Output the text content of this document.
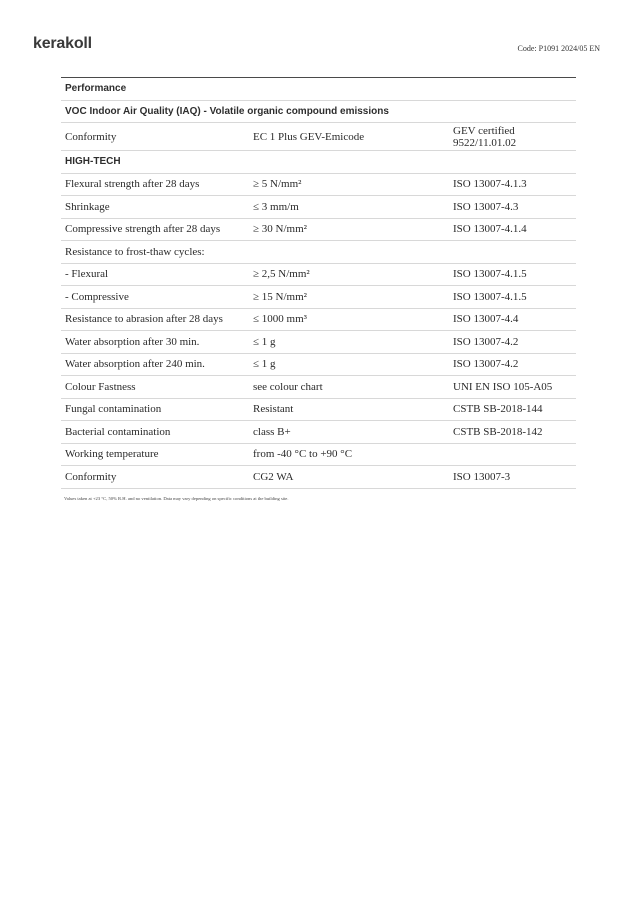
kerakoll	Code: P1091 2024/05 EN
Performance
VOC Indoor Air Quality (IAQ) - Volatile organic compound emissions
Conformity	EC 1 Plus GEV-Emicode	GEV certified
9522/11.01.02
HIGH-TECH
Flexural strength after 28 days	≥ 5 N/mm²	ISO 13007-4.1.3
Shrinkage	≤ 3 mm/m	ISO 13007-4.3
Compressive strength after 28 days	≥ 30 N/mm²	ISO 13007-4.1.4
Resistance to frost-thaw cycles:
- Flexural	≥ 2,5 N/mm²	ISO 13007-4.1.5
- Compressive	≥ 15 N/mm²	ISO 13007-4.1.5
Resistance to abrasion after 28 days	≤ 1000 mm³	ISO 13007-4.4
Water absorption after 30 min.	≤ 1 g	ISO 13007-4.2
Water absorption after 240 min.	≤ 1 g	ISO 13007-4.2
Colour Fastness	see colour chart	UNI EN ISO 105-A05
Fungal contamination	Resistant	CSTB SB-2018-144
Bacterial contamination	class B+	CSTB SB-2018-142
Working temperature	from -40 °C to +90 °C
Conformity	CG2 WA	ISO 13007-3
Values taken at +23 °C, 50% R.H. and no ventilation. Data may vary depending on specific conditions at the building site.
